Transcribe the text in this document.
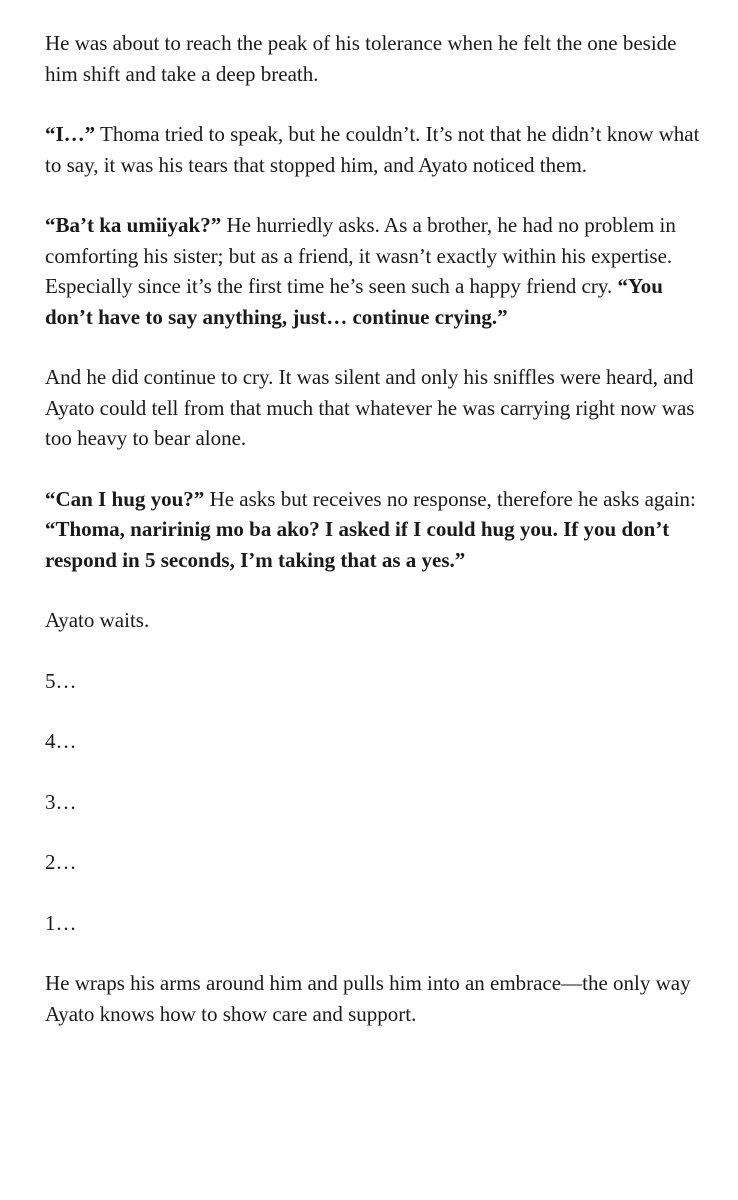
He was about to reach the peak of his tolerance when he felt the one beside him shift and take a deep breath.

“I…” Thoma tried to speak, but he couldn’t. It’s not that he didn’t know what to say, it was his tears that stopped him, and Ayato noticed them.

“Ba’t ka umiiyak?” He hurriedly asks. As a brother, he had no problem in comforting his sister; but as a friend, it wasn’t exactly within his expertise. Especially since it’s the first time he’s seen such a happy friend cry. “You don’t have to say anything, just… continue crying.”

And he did continue to cry. It was silent and only his sniffles were heard, and Ayato could tell from that much that whatever he was carrying right now was too heavy to bear alone.

“Can I hug you?” He asks but receives no response, therefore he asks again: “Thoma, naririnig mo ba ako? I asked if I could hug you. If you don’t respond in 5 seconds, I’m taking that as a yes.”

Ayato waits.

5…

4…

3…

2…

1…

He wraps his arms around him and pulls him into an embrace—the only way Ayato knows how to show care and support.
